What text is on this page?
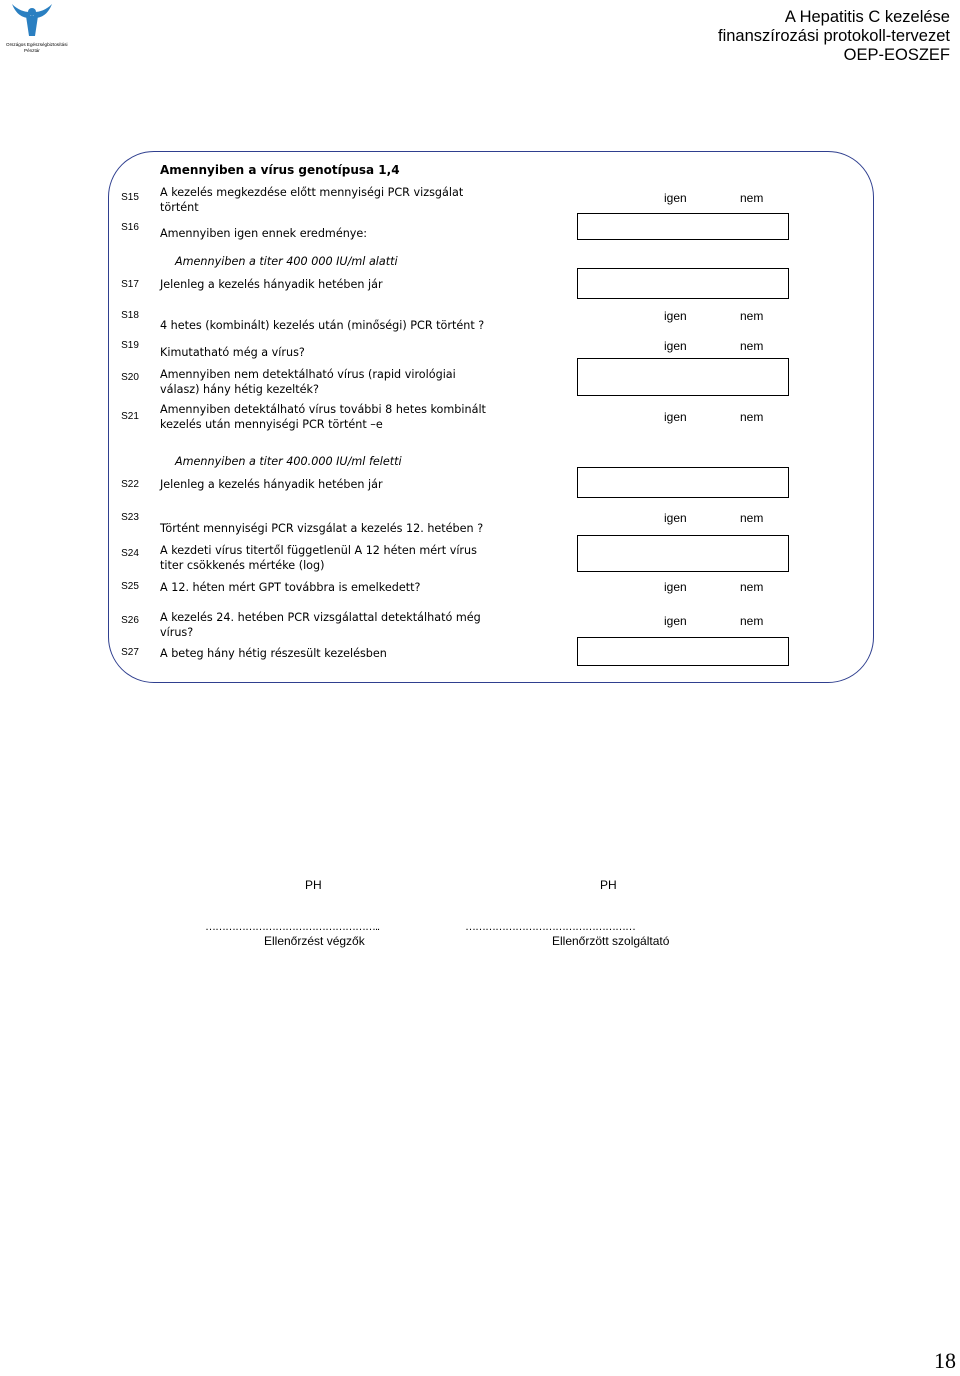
Országos Egészségbiztosítási
Pénztár
A Hepatitis C kezelése
finanszírozási protokoll-tervezet
OEP-EOSZEF
Amennyiben a vírus genotípusa 1,4
S15	A kezelés megkezdése előtt mennyiségi PCR vizsgálat
történt
igen	nem
S16	Amennyiben igen ennek eredménye:
Amennyiben a titer 400 000 IU/ml alatti
S17	Jelenleg a kezelés hányadik hetében jár
S18
4 hetes (kombinált) kezelés után (minőségi) PCR történt ?
igen	nem
S19
Kimutatható még a vírus?	igen	nem
S20	Amennyiben nem detektálható vírus (rapid virológiai
válasz) hány hétig kezelték?
S21
Amennyiben detektálható vírus további 8 hetes kombinált
kezelés után mennyiségi PCR történt –e
igen	nem
Amennyiben a titer 400.000 IU/ml feletti
S22	Jelenleg a kezelés hányadik hetében jár
S23
Történt mennyiségi PCR vizsgálat a kezelés 12. hetében ?
igen	nem
S24	A kezdeti vírus titertől függetlenül A 12 héten mért vírus
titer csökkenés mértéke (log)
S25	A 12. héten mért GPT továbbra is emelkedett?	igen	nem
S26	A kezelés 24. hetében PCR vizsgálattal detektálható még
vírus?
igen	nem
S27	A beteg hány hétig részesült kezelésben
PH	PH
……………………………………………..	……………………………………………
Ellenőrzést végzők	Ellenőrzött szolgáltató
18
